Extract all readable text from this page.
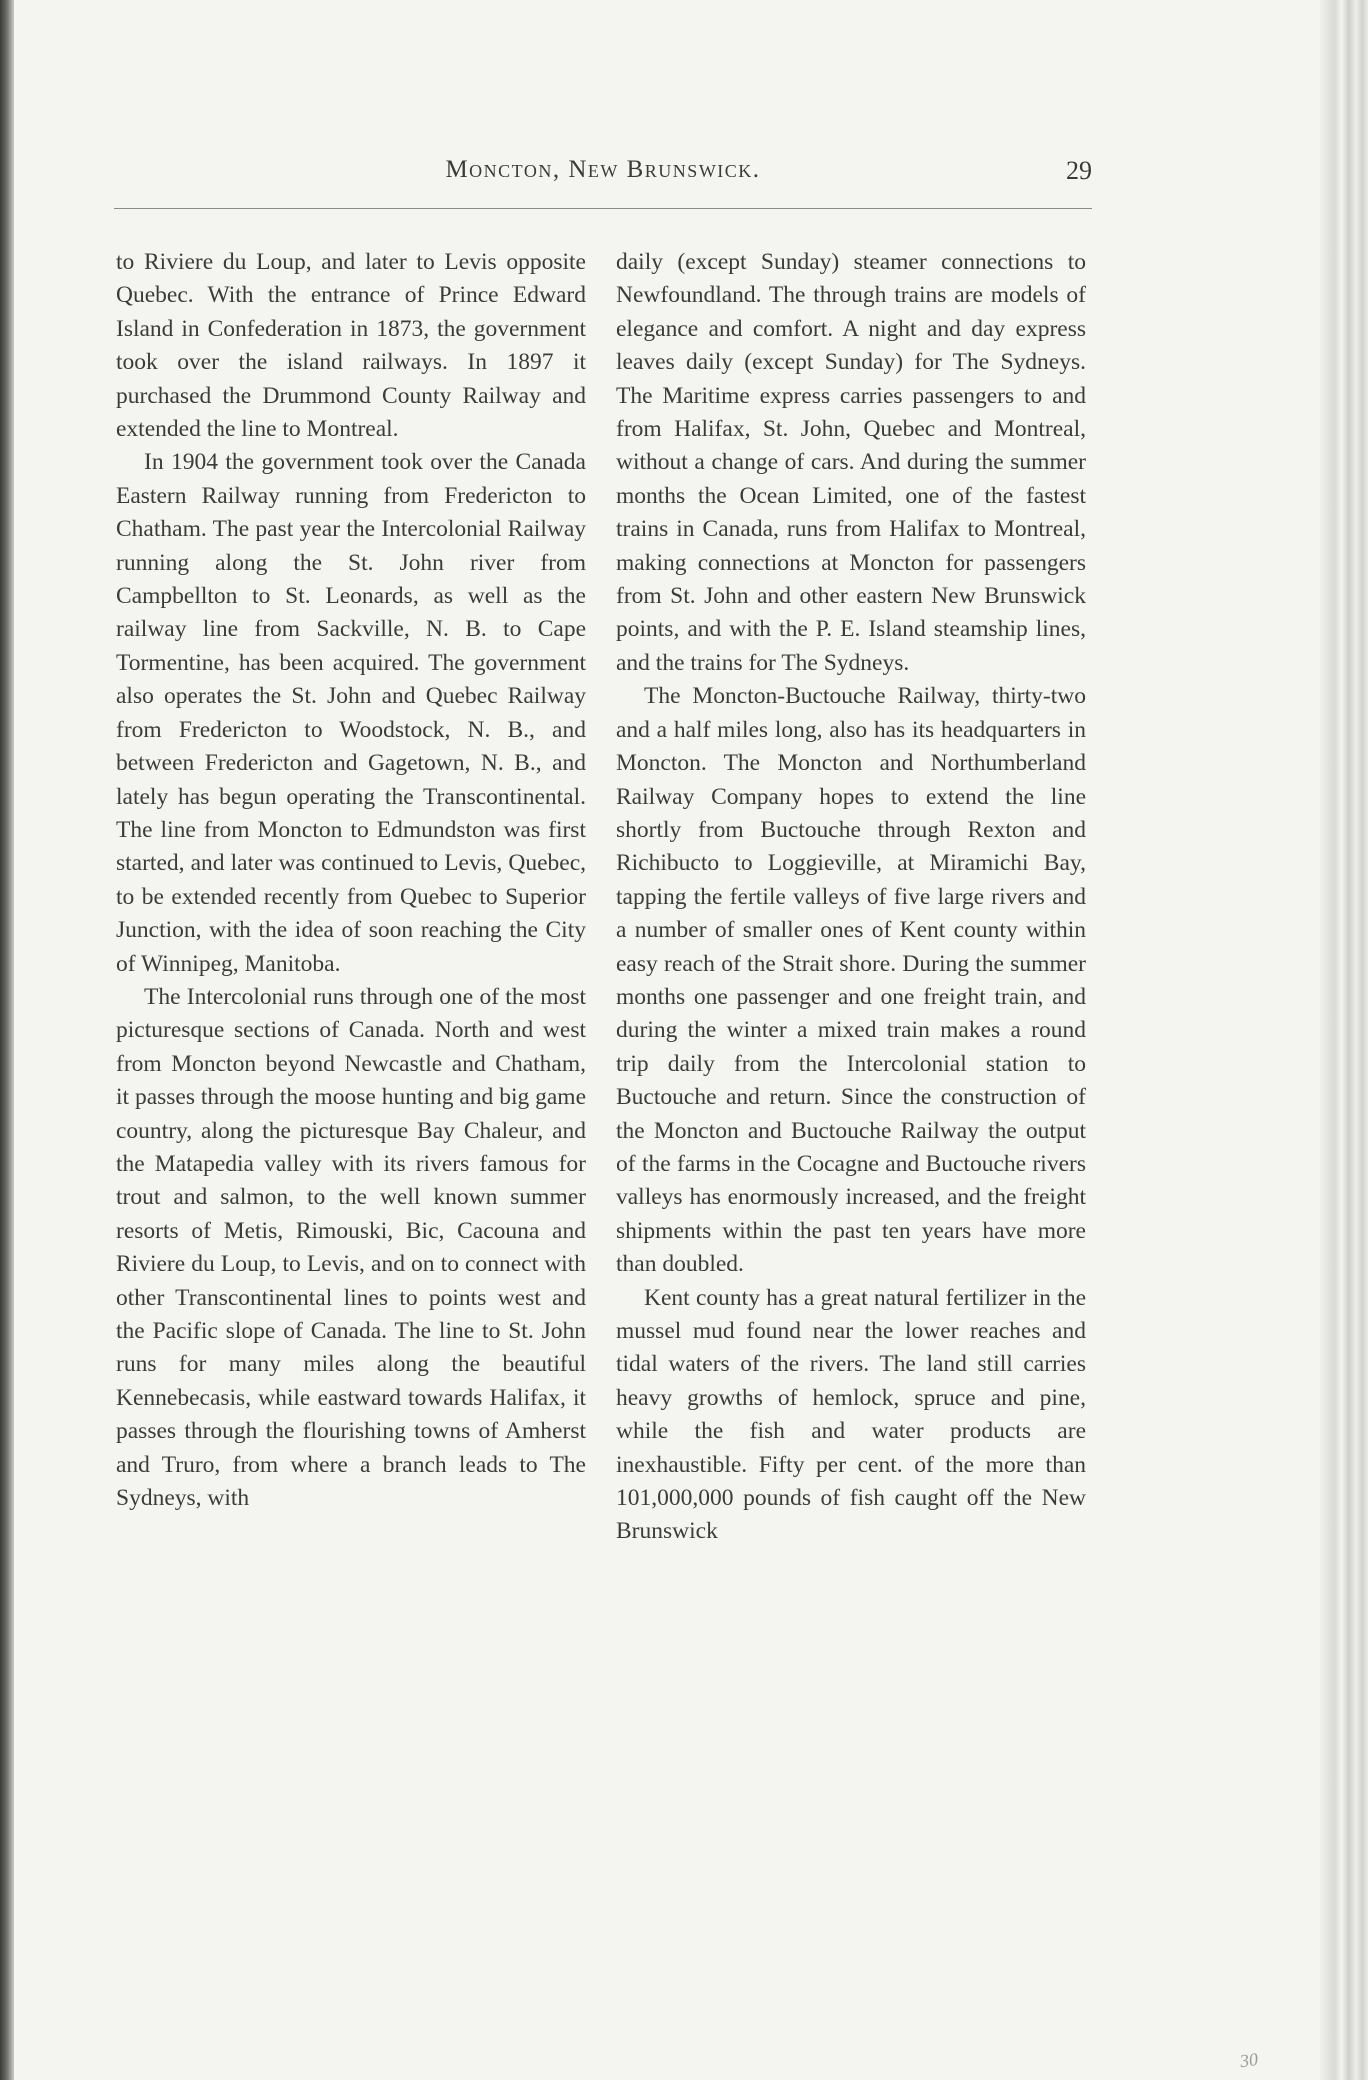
Moncton, New Brunswick.	29

to Riviere du Loup, and later to Levis opposite Quebec. With the entrance of Prince Edward Island in Confederation in 1873, the government took over the island railways. In 1897 it purchased the Drummond County Railway and extended the line to Montreal.

In 1904 the government took over the Canada Eastern Railway running from Fredericton to Chatham. The past year the Intercolonial Railway running along the St. John river from Campbellton to St. Leonards, as well as the railway line from Sackville, N. B. to Cape Tormentine, has been acquired. The government also operates the St. John and Quebec Railway from Fredericton to Woodstock, N. B., and between Fredericton and Gagetown, N. B., and lately has begun operating the Transcontinental. The line from Moncton to Edmundston was first started, and later was continued to Levis, Quebec, to be extended recently from Quebec to Superior Junction, with the idea of soon reaching the City of Winnipeg, Manitoba.

The Intercolonial runs through one of the most picturesque sections of Canada. North and west from Moncton beyond Newcastle and Chatham, it passes through the moose hunting and big game country, along the picturesque Bay Chaleur, and the Matapedia valley with its rivers famous for trout and salmon, to the well known summer resorts of Metis, Rimouski, Bic, Cacouna and Riviere du Loup, to Levis, and on to connect with other Transcontinental lines to points west and the Pacific slope of Canada. The line to St. John runs for many miles along the beautiful Kennebecasis, while eastward towards Halifax, it passes through the flourishing towns of Amherst and Truro, from where a branch leads to The Sydneys, with

daily (except Sunday) steamer connections to Newfoundland. The through trains are models of elegance and comfort. A night and day express leaves daily (except Sunday) for The Sydneys. The Maritime express carries passengers to and from Halifax, St. John, Quebec and Montreal, without a change of cars. And during the summer months the Ocean Limited, one of the fastest trains in Canada, runs from Halifax to Montreal, making connections at Moncton for passengers from St. John and other eastern New Brunswick points, and with the P. E. Island steamship lines, and the trains for The Sydneys.

The Moncton-Buctouche Railway, thirty-two and a half miles long, also has its headquarters in Moncton. The Moncton and Northumberland Railway Company hopes to extend the line shortly from Buctouche through Rexton and Richibucto to Loggieville, at Miramichi Bay, tapping the fertile valleys of five large rivers and a number of smaller ones of Kent county within easy reach of the Strait shore. During the summer months one passenger and one freight train, and during the winter a mixed train makes a round trip daily from the Intercolonial station to Buctouche and return. Since the construction of the Moncton and Buctouche Railway the output of the farms in the Cocagne and Buctouche rivers valleys has enormously increased, and the freight shipments within the past ten years have more than doubled.

Kent county has a great natural fertilizer in the mussel mud found near the lower reaches and tidal waters of the rivers. The land still carries heavy growths of hemlock, spruce and pine, while the fish and water products are inexhaustible. Fifty per cent. of the more than 101,000,000 pounds of fish caught off the New Brunswick

30
